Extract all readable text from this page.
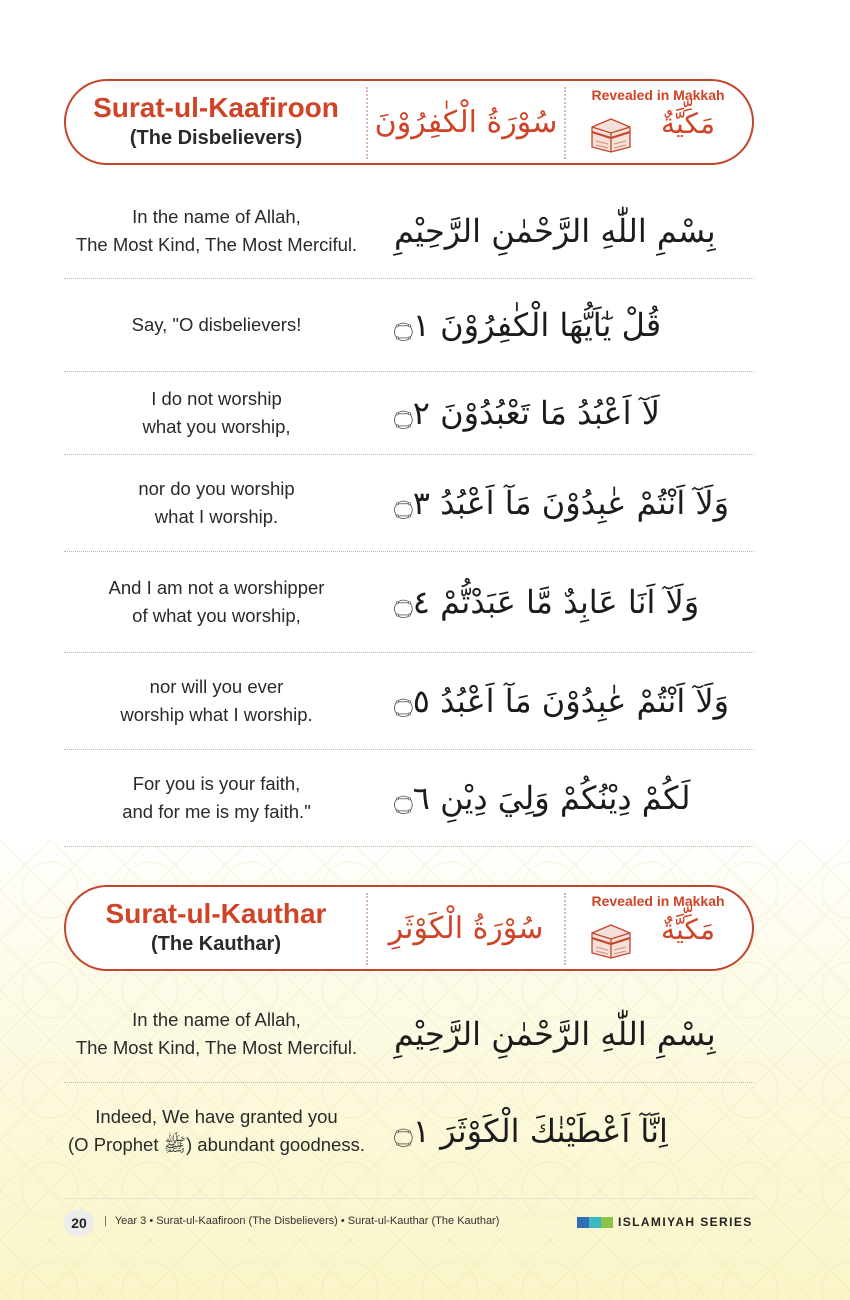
Surat-ul-Kaafiroon
(The Disbelievers)	سُوْرَةُ الْكٰفِرُوْنَ
Revealed in Makkah
مَكِّيَّةٌ
In the name of Allah,
The Most Kind, The Most Merciful.	بِسْمِ اللّٰهِ الرَّحْمٰنِ الرَّحِيْمِ
Say, "O disbelievers!	قُلْ يٰٓاَيُّهَا الْكٰفِرُوْنَ ۝١
I do not worship
what you worship,	لَآ اَعْبُدُ مَا تَعْبُدُوْنَ ۝٢
nor do you worship
what I worship.	وَلَآ اَنْتُمْ عٰبِدُوْنَ مَآ اَعْبُدُ ۝٣
And I am not a worshipper
of what you worship,	وَلَآ اَنَا عَابِدٌ مَّا عَبَدْتُّمْ ۝٤
nor will you ever
worship what I worship.	وَلَآ اَنْتُمْ عٰبِدُوْنَ مَآ اَعْبُدُ ۝٥
For you is your faith,
and for me is my faith."	لَكُمْ دِيْنُكُمْ وَلِيَ دِيْنِ ۝٦
Surat-ul-Kauthar
(The Kauthar)	سُوْرَةُ الْكَوْثَرِ
Revealed in Makkah
مَكِّيَّةٌ
In the name of Allah,
The Most Kind, The Most Merciful.	بِسْمِ اللّٰهِ الرَّحْمٰنِ الرَّحِيْمِ
Indeed, We have granted you
(O Prophet ﷺ) abundant goodness. اِنَّآ اَعْطَيْنٰكَ الْكَوْثَرَ ۝١
20	| Year 3 • Surat-ul-Kaafiroon (The Disbelievers) • Surat-ul-Kauthar (The Kauthar)	ISLAMIYAH SERIES
